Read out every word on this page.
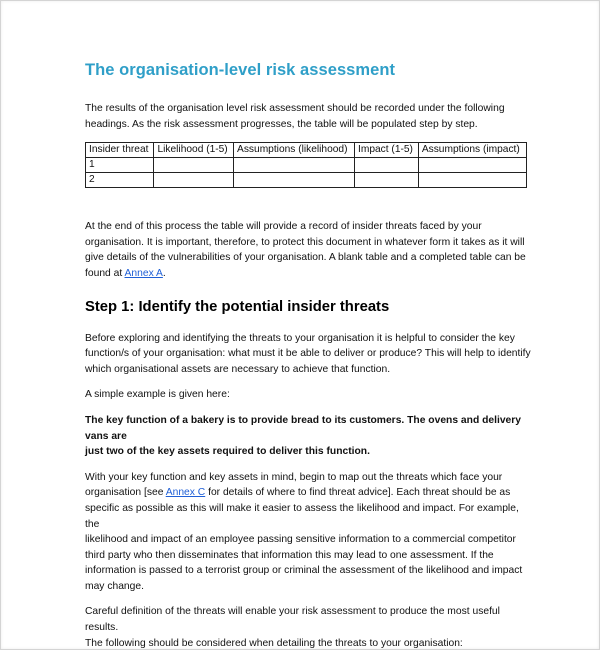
The organisation-level risk assessment

The results of the organisation level risk assessment should be recorded under the following
headings. As the risk assessment progresses, the table will be populated step by step.

Insider threat	Likelihood (1-5)	Assumptions (likelihood)	Impact (1-5)	Assumptions (impact)
1				
2				

At the end of this process the table will provide a record of insider threats faced by your
organisation. It is important, therefore, to protect this document in whatever form it takes as it will
give details of the vulnerabilities of your organisation. A blank table and a completed table can be
found at Annex A.

Step 1: Identify the potential insider threats

Before exploring and identifying the threats to your organisation it is helpful to consider the key
function/s of your organisation: what must it be able to deliver or produce? This will help to identify
which organisational assets are necessary to achieve that function.

A simple example is given here:

The key function of a bakery is to provide bread to its customers. The ovens and delivery vans are
just two of the key assets required to deliver this function.

With your key function and key assets in mind, begin to map out the threats which face your
organisation [see Annex C for details of where to find threat advice]. Each threat should be as
specific as possible as this will make it easier to assess the likelihood and impact. For example, the
likelihood and impact of an employee passing sensitive information to a commercial competitor
third party who then disseminates that information this may lead to one assessment. If the
information is passed to a terrorist group or criminal the assessment of the likelihood and impact
may change.

Careful definition of the threats will enable your risk assessment to produce the most useful results.
The following should be considered when detailing the threats to your organisation:
